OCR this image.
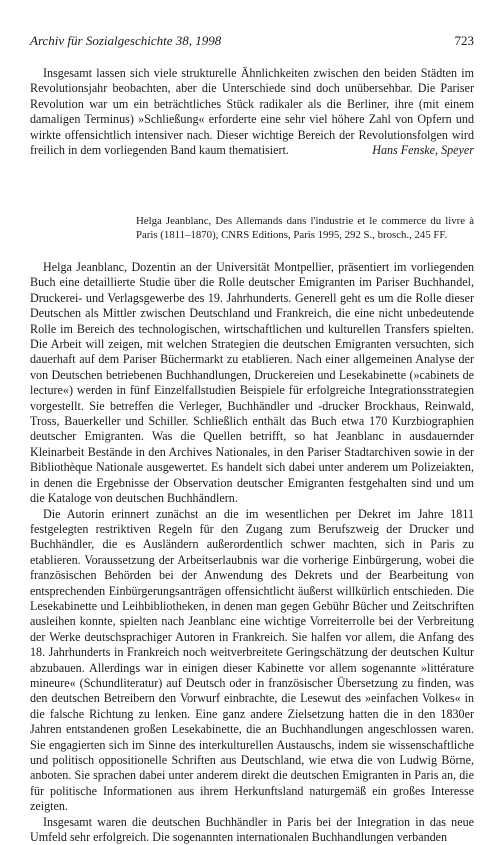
Archiv für Sozialgeschichte 38, 1998	723

Insgesamt lassen sich viele strukturelle Ähnlichkeiten zwischen den beiden Städten im Revolutionsjahr beobachten, aber die Unterschiede sind doch unübersehbar. Die Pariser Revolution war um ein beträchtliches Stück radikaler als die Berliner, ihre (mit einem damaligen Terminus) »Schließung« erforderte eine sehr viel höhere Zahl von Opfern und wirkte offensichtlich intensiver nach. Dieser wichtige Bereich der Revolutionsfolgen wird freilich in dem vorliegenden Band kaum thematisiert.	Hans Fenske, Speyer

Helga Jeanblanc, Des Allemands dans l'industrie et le commerce du livre à Paris (1811–1870), CNRS Editions, Paris 1995, 292 S., brosch., 245 FF.

Helga Jeanblanc, Dozentin an der Universität Montpellier, präsentiert im vorliegenden Buch eine detaillierte Studie über die Rolle deutscher Emigranten im Pariser Buchhandel, Druckerei- und Verlagsgewerbe des 19. Jahrhunderts. Generell geht es um die Rolle dieser Deutschen als Mittler zwischen Deutschland und Frankreich, die eine nicht unbedeutende Rolle im Bereich des technologischen, wirtschaftlichen und kulturellen Transfers spielten. Die Arbeit will zeigen, mit welchen Strategien die deutschen Emigranten versuchten, sich dauerhaft auf dem Pariser Büchermarkt zu etablieren. Nach einer allgemeinen Analyse der von Deutschen betriebenen Buchhandlungen, Druckereien und Lesekabinette (»cabinets de lecture«) werden in fünf Einzelfallstudien Beispiele für erfolgreiche Integrationsstrategien vorgestellt. Sie betreffen die Verleger, Buchhändler und -drucker Brockhaus, Reinwald, Tross, Bauerkeller und Schiller. Schließlich enthält das Buch etwa 170 Kurzbiographien deutscher Emigranten. Was die Quellen betrifft, so hat Jeanblanc in ausdauernder Kleinarbeit Bestände in den Archives Nationales, in den Pariser Stadtarchiven sowie in der Bibliothèque Nationale ausgewertet. Es handelt sich dabei unter anderem um Polizeiakten, in denen die Ergebnisse der Observation deutscher Emigranten festgehalten sind und um die Kataloge von deutschen Buchhändlern.

Die Autorin erinnert zunächst an die im wesentlichen per Dekret im Jahre 1811 festgelegten restriktiven Regeln für den Zugang zum Berufszweig der Drucker und Buchhändler, die es Ausländern außerordentlich schwer machten, sich in Paris zu etablieren. Voraussetzung der Arbeitserlaubnis war die vorherige Einbürgerung, wobei die französischen Behörden bei der Anwendung des Dekrets und der Bearbeitung von entsprechenden Einbürgerungsanträgen offensichtlicht äußerst willkürlich entschieden. Die Lesekabinette und Leihbibliotheken, in denen man gegen Gebühr Bücher und Zeitschriften ausleihen konnte, spielten nach Jeanblanc eine wichtige Vorreiterrolle bei der Verbreitung der Werke deutschsprachiger Autoren in Frankreich. Sie halfen vor allem, die Anfang des 18. Jahrhunderts in Frankreich noch weitverbreitete Geringschätzung der deutschen Kultur abzubauen. Allerdings war in einigen dieser Kabinette vor allem sogenannte »littérature mineure« (Schundliteratur) auf Deutsch oder in französischer Übersetzung zu finden, was den deutschen Betreibern den Vorwurf einbrachte, die Lesewut des »einfachen Volkes« in die falsche Richtung zu lenken. Eine ganz andere Zielsetzung hatten die in den 1830er Jahren entstandenen großen Lesekabinette, die an Buchhandlungen angeschlossen waren. Sie engagierten sich im Sinne des interkulturellen Austauschs, indem sie wissenschaftliche und politisch oppositionelle Schriften aus Deutschland, wie etwa die von Ludwig Börne, anboten. Sie sprachen dabei unter anderem direkt die deutschen Emigranten in Paris an, die für politische Informationen aus ihrem Herkunftsland naturgemäß ein großes Interesse zeigten.

Insgesamt waren die deutschen Buchhändler in Paris bei der Integration in das neue Umfeld sehr erfolgreich. Die sogenannten internationalen Buchhandlungen verbanden
